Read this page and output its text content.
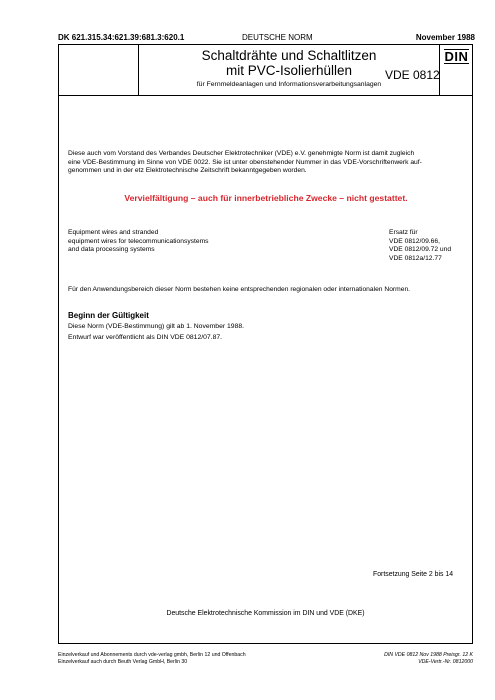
DK 621.315.34:621.39:681.3:620.1	DEUTSCHE NORM	November 1988
Schaltdrähte und Schaltlitzen
mit PVC-Isolierhüllen
für Fernmeldeanlagen und Informationsverarbeitungsanlagen
DIN
VDE 0812
Diese auch vom Vorstand des Verbandes Deutscher Elektrotechniker (VDE) e.V. genehmigte Norm ist damit zugleich
eine VDE-Bestimmung im Sinne von VDE 0022. Sie ist unter obenstehender Nummer in das VDE-Vorschriftenwerk auf-
genommen und in der etz Elektrotechnische Zeitschrift bekanntgegeben worden.
Vervielfältigung – auch für innerbetriebliche Zwecke – nicht gestattet.
Equipment wires and stranded
equipment wires for telecommunicationsystems
and data processing systems
Ersatz für
VDE 0812/09.66,
VDE 0812/09.72 und
VDE 0812a/12.77
Für den Anwendungsbereich dieser Norm bestehen keine entsprechenden regionalen oder internationalen Normen.
Beginn der Gültigkeit
Diese Norm (VDE-Bestimmung) gilt ab 1. November 1988.
Entwurf war veröffentlicht als DIN VDE 0812/07.87.
Fortsetzung Seite 2 bis 14
Deutsche Elektrotechnische Kommission im DIN und VDE (DKE)
Einzelverkauf und Abonnements durch vde-verlag gmbh, Berlin 12 und Offenbach
Einzelverkauf auch durch Beuth Verlag GmbH, Berlin 30
DIN VDE 0812 Nov 1988 Preisgr. 12 K
VDE-Vertr.-Nr. 0812000
